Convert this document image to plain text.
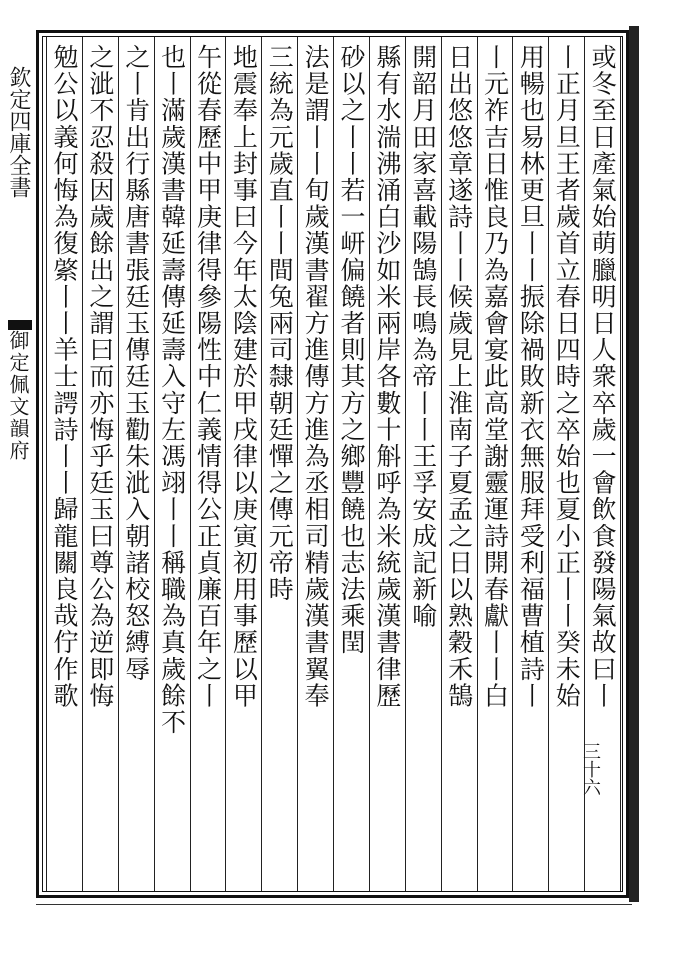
欽定四庫全書
御定佩文韻府	或冬至日產氣始萌臘明日人衆卒歲一會飲食發陽氣故曰丨
丨正月旦王者歲首立春日四時之卒始也夏小正丨丨癸未始
用暢也易林更旦丨丨振除禍敗新衣無服拜受利福曹植詩丨
丨元祚吉日惟良乃為嘉會宴此高堂謝靈運詩開春獻丨丨白
日出悠悠章遂詩丨丨候歲見上淮南子夏孟之日以熟穀禾鵠
開韶月田家喜載陽鵠長鳴為帝丨丨王孚安成記新喻
縣有水湍沸涌白沙如米兩岸各數十斛呼為米統歲漢書律歷
砂以之丨丨若一岍偏饒者則其方之鄉豐饒也志法乘閏
法是謂丨丨旬歲漢書翟方進傳方進為丞相司精歲漢書翼奉
三統為元歲直丨丨間兔兩司隸朝廷憚之傳元帝時
地震奉上封事曰今年太陰建於甲戌律以庚寅初用事歷以甲
午從春歷中甲庚律得參陽性中仁義情得公正貞廉百年之丨
也丨滿歲漢書韓延壽傳延壽入守左馮翊丨丨稱職為真歲餘不
之丨肯出行縣唐書張廷玉傳廷玉勸朱泚入朝諸校怒縛辱
之泚不忍殺因歲餘出之謂曰而亦悔乎廷玉曰尊公為逆即悔
勉公以義何悔為復綮丨丨羊士諤詩丨丨歸龍關良哉佇作歌
三十六
